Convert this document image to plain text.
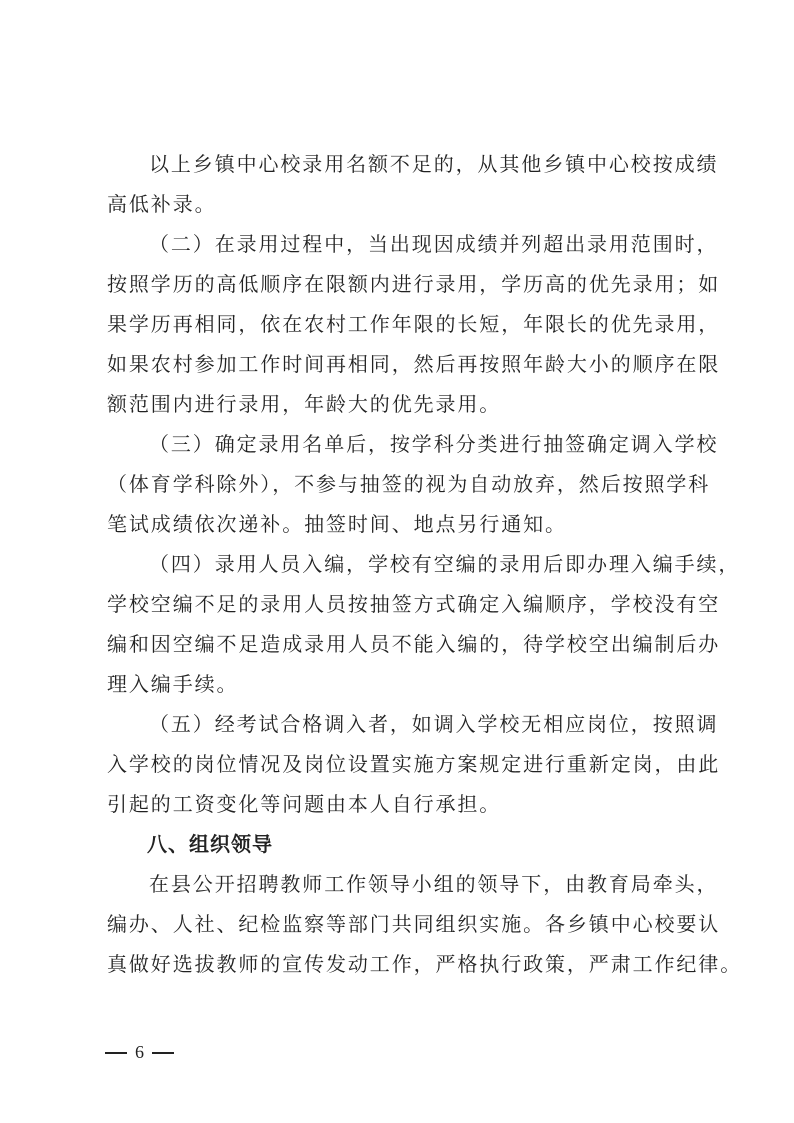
以上乡镇中心校录用名额不足的，从其他乡镇中心校按成绩
高低补录。

（二）在录用过程中，当出现因成绩并列超出录用范围时，
按照学历的高低顺序在限额内进行录用，学历高的优先录用；如
果学历再相同，依在农村工作年限的长短，年限长的优先录用，
如果农村参加工作时间再相同，然后再按照年龄大小的顺序在限
额范围内进行录用，年龄大的优先录用。

（三）确定录用名单后，按学科分类进行抽签确定调入学校
（体育学科除外），不参与抽签的视为自动放弃，然后按照学科
笔试成绩依次递补。抽签时间、地点另行通知。

（四）录用人员入编，学校有空编的录用后即办理入编手续，
学校空编不足的录用人员按抽签方式确定入编顺序，学校没有空
编和因空编不足造成录用人员不能入编的，待学校空出编制后办
理入编手续。

（五）经考试合格调入者，如调入学校无相应岗位，按照调
入学校的岗位情况及岗位设置实施方案规定进行重新定岗，由此
引起的工资变化等问题由本人自行承担。

八、组织领导

在县公开招聘教师工作领导小组的领导下，由教育局牵头，
编办、人社、纪检监察等部门共同组织实施。各乡镇中心校要认
真做好选拔教师的宣传发动工作，严格执行政策，严肃工作纪律。

6
